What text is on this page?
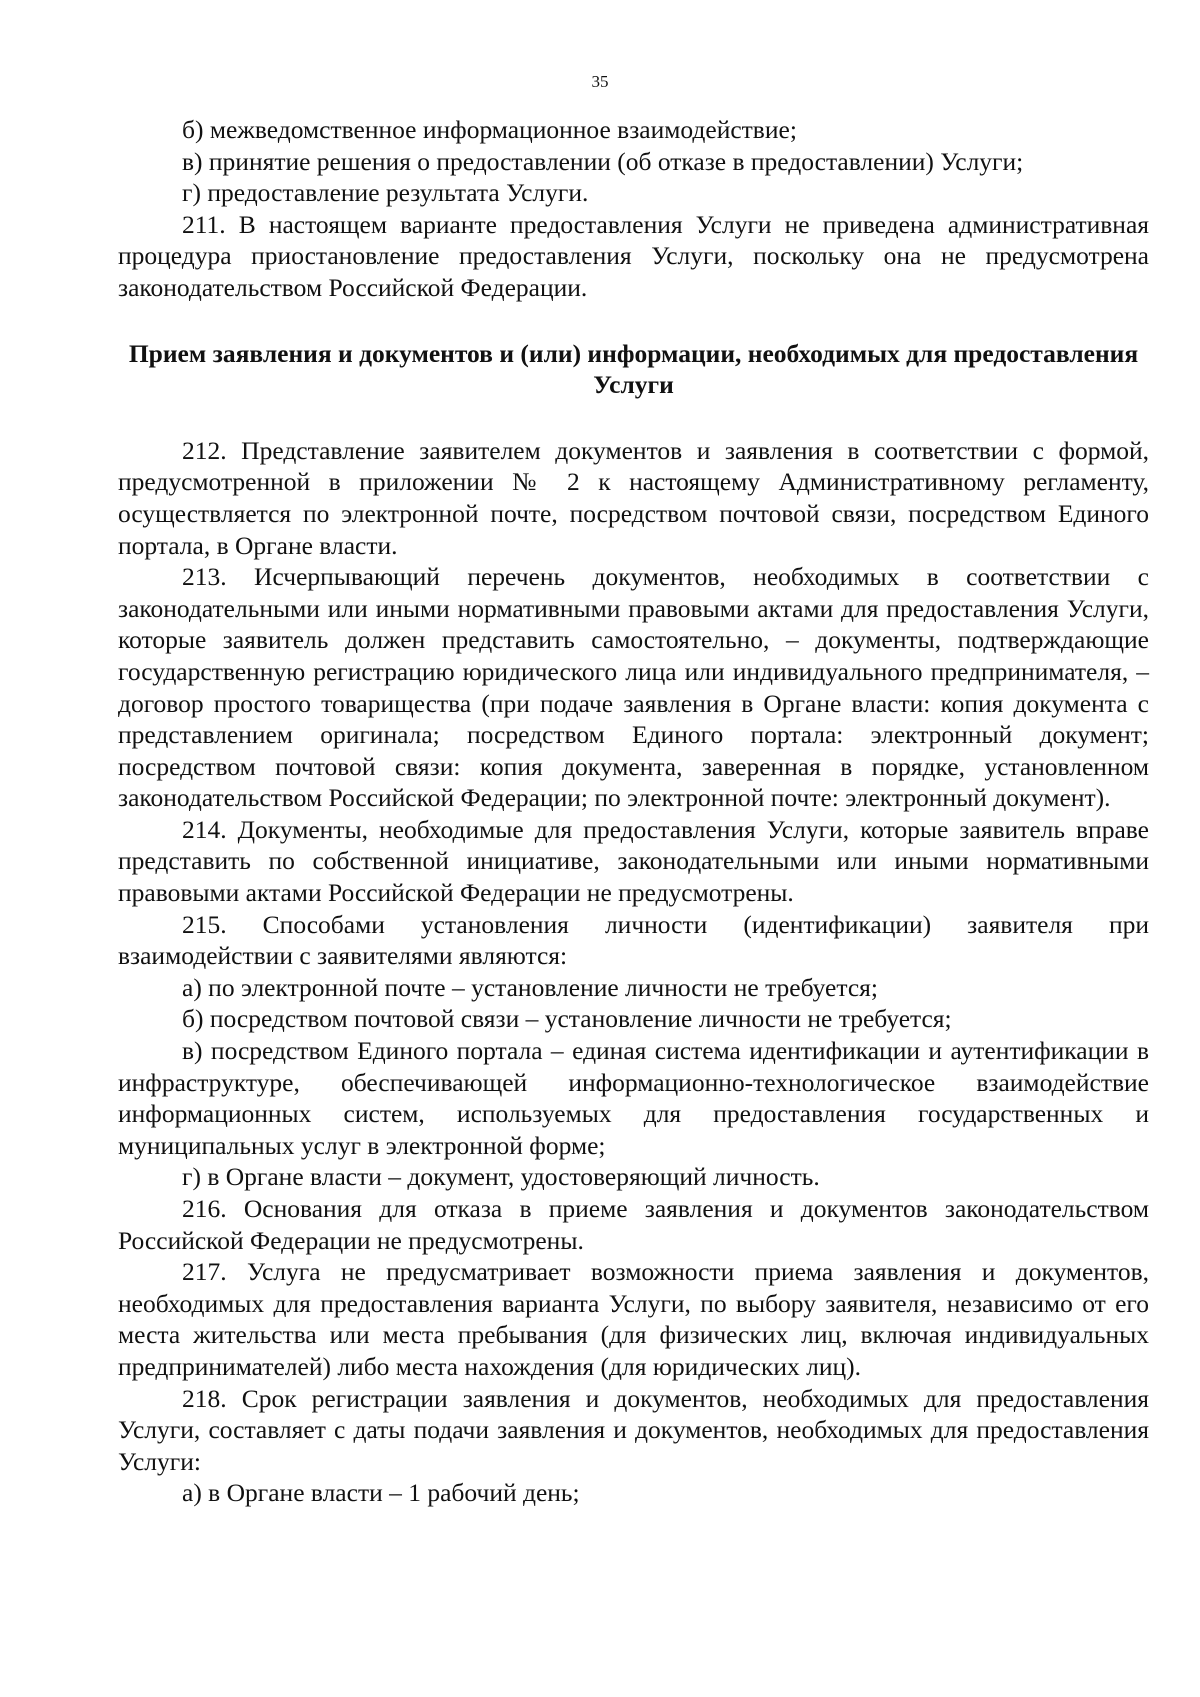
35

б) межведомственное информационное взаимодействие;

в) принятие решения о предоставлении (об отказе в предоставлении) Услуги;

г) предоставление результата Услуги.

211. В настоящем варианте предоставления Услуги не приведена административная процедура приостановление предоставления Услуги, поскольку она не предусмотрена законодательством Российской Федерации.

Прием заявления и документов и (или) информации, необходимых для предоставления Услуги

212. Представление заявителем документов и заявления в соответствии с формой, предусмотренной в приложении № 2 к настоящему Административному регламенту, осуществляется по электронной почте, посредством почтовой связи, посредством Единого портала, в Органе власти.

213. Исчерпывающий перечень документов, необходимых в соответствии с законодательными или иными нормативными правовыми актами для предоставления Услуги, которые заявитель должен представить самостоятельно, – документы, подтверждающие государственную регистрацию юридического лица или индивидуального предпринимателя, – договор простого товарищества (при подаче заявления в Органе власти: копия документа с представлением оригинала; посредством Единого портала: электронный документ; посредством почтовой связи: копия документа, заверенная в порядке, установленном законодательством Российской Федерации; по электронной почте: электронный документ).

214. Документы, необходимые для предоставления Услуги, которые заявитель вправе представить по собственной инициативе, законодательными или иными нормативными правовыми актами Российской Федерации не предусмотрены.

215. Способами установления личности (идентификации) заявителя при взаимодействии с заявителями являются:

а) по электронной почте – установление личности не требуется;

б) посредством почтовой связи – установление личности не требуется;

в) посредством Единого портала – единая система идентификации и аутентификации в инфраструктуре, обеспечивающей информационно-технологическое взаимодействие информационных систем, используемых для предоставления государственных и муниципальных услуг в электронной форме;

г) в Органе власти – документ, удостоверяющий личность.

216. Основания для отказа в приеме заявления и документов законодательством Российской Федерации не предусмотрены.

217. Услуга не предусматривает возможности приема заявления и документов, необходимых для предоставления варианта Услуги, по выбору заявителя, независимо от его места жительства или места пребывания (для физических лиц, включая индивидуальных предпринимателей) либо места нахождения (для юридических лиц).

218. Срок регистрации заявления и документов, необходимых для предоставления Услуги, составляет с даты подачи заявления и документов, необходимых для предоставления Услуги:

а) в Органе власти – 1 рабочий день;
